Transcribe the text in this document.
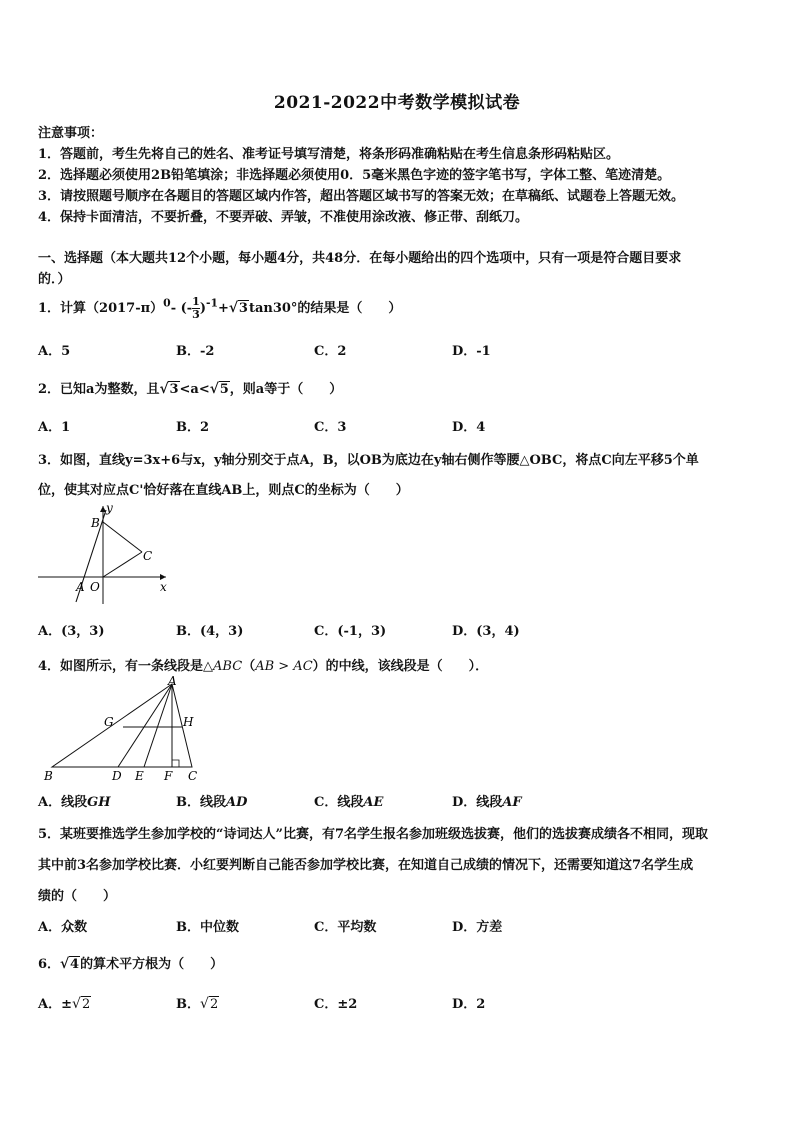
2021-2022中考数学模拟试卷
注意事项：
1．答题前，考生先将自己的姓名、准考证号填写清楚，将条形码准确粘贴在考生信息条形码粘贴区。
2．选择题必须使用2B铅笔填涂；非选择题必须使用0．5毫米黑色字迹的签字笔书写，字体工整、笔迹清楚。
3．请按照题号顺序在各题目的答题区域内作答，超出答题区域书写的答案无效；在草稿纸、试题卷上答题无效。
4．保持卡面清洁，不要折叠，不要弄破、弄皱，不准使用涂改液、修正带、刮纸刀。
一、选择题（本大题共12个小题，每小题4分，共48分．在每小题给出的四个选项中，只有一项是符合题目要求
的．）
1．计算$(2017-\pi)^0-$ (- $\frac{1}{3} )^{-1}+√$ 3tan30°的结果是（　　）
A．5	B．-2	C．2	D．-1
2．已知a为整数，且√ 3<a<√ 5，则a等于（　　）
A．1	B．2	C．3	D．4
3．如图，直线y=3x+6与x，y轴分别交于点A，B，以OB为底边在y轴右侧作等腰△OBC，将点C向左平移5个单
位，使其对应点C'恰好落在直线AB上，则点C的坐标为（　　）
y
B
C
A O	x
A．(3，3)	B．(4，3)	C．(-1，3)	D．(3，4)
4．如图所示，有一条线段是△ABC（AB > AC）的中线，该线段是（　　）．
A
G	H
B	D E F C
A．线段GH	B．线段AD	C．线段AE	D．线段AF
5．某班要推选学生参加学校的“诗词达人”比赛，有7名学生报名参加班级选拔赛，他们的选拔赛成绩各不相同，现取
其中前3名参加学校比赛．小红要判断自己能否参加学校比赛，在知道自己成绩的情况下，还需要知道这7名学生成
绩的（　　）
A．众数	B．中位数	C．平均数	D．方差
6．√ 4的算术平方根为（　　）
A．±√ 2	B．√ 2	C．±2	D．2
